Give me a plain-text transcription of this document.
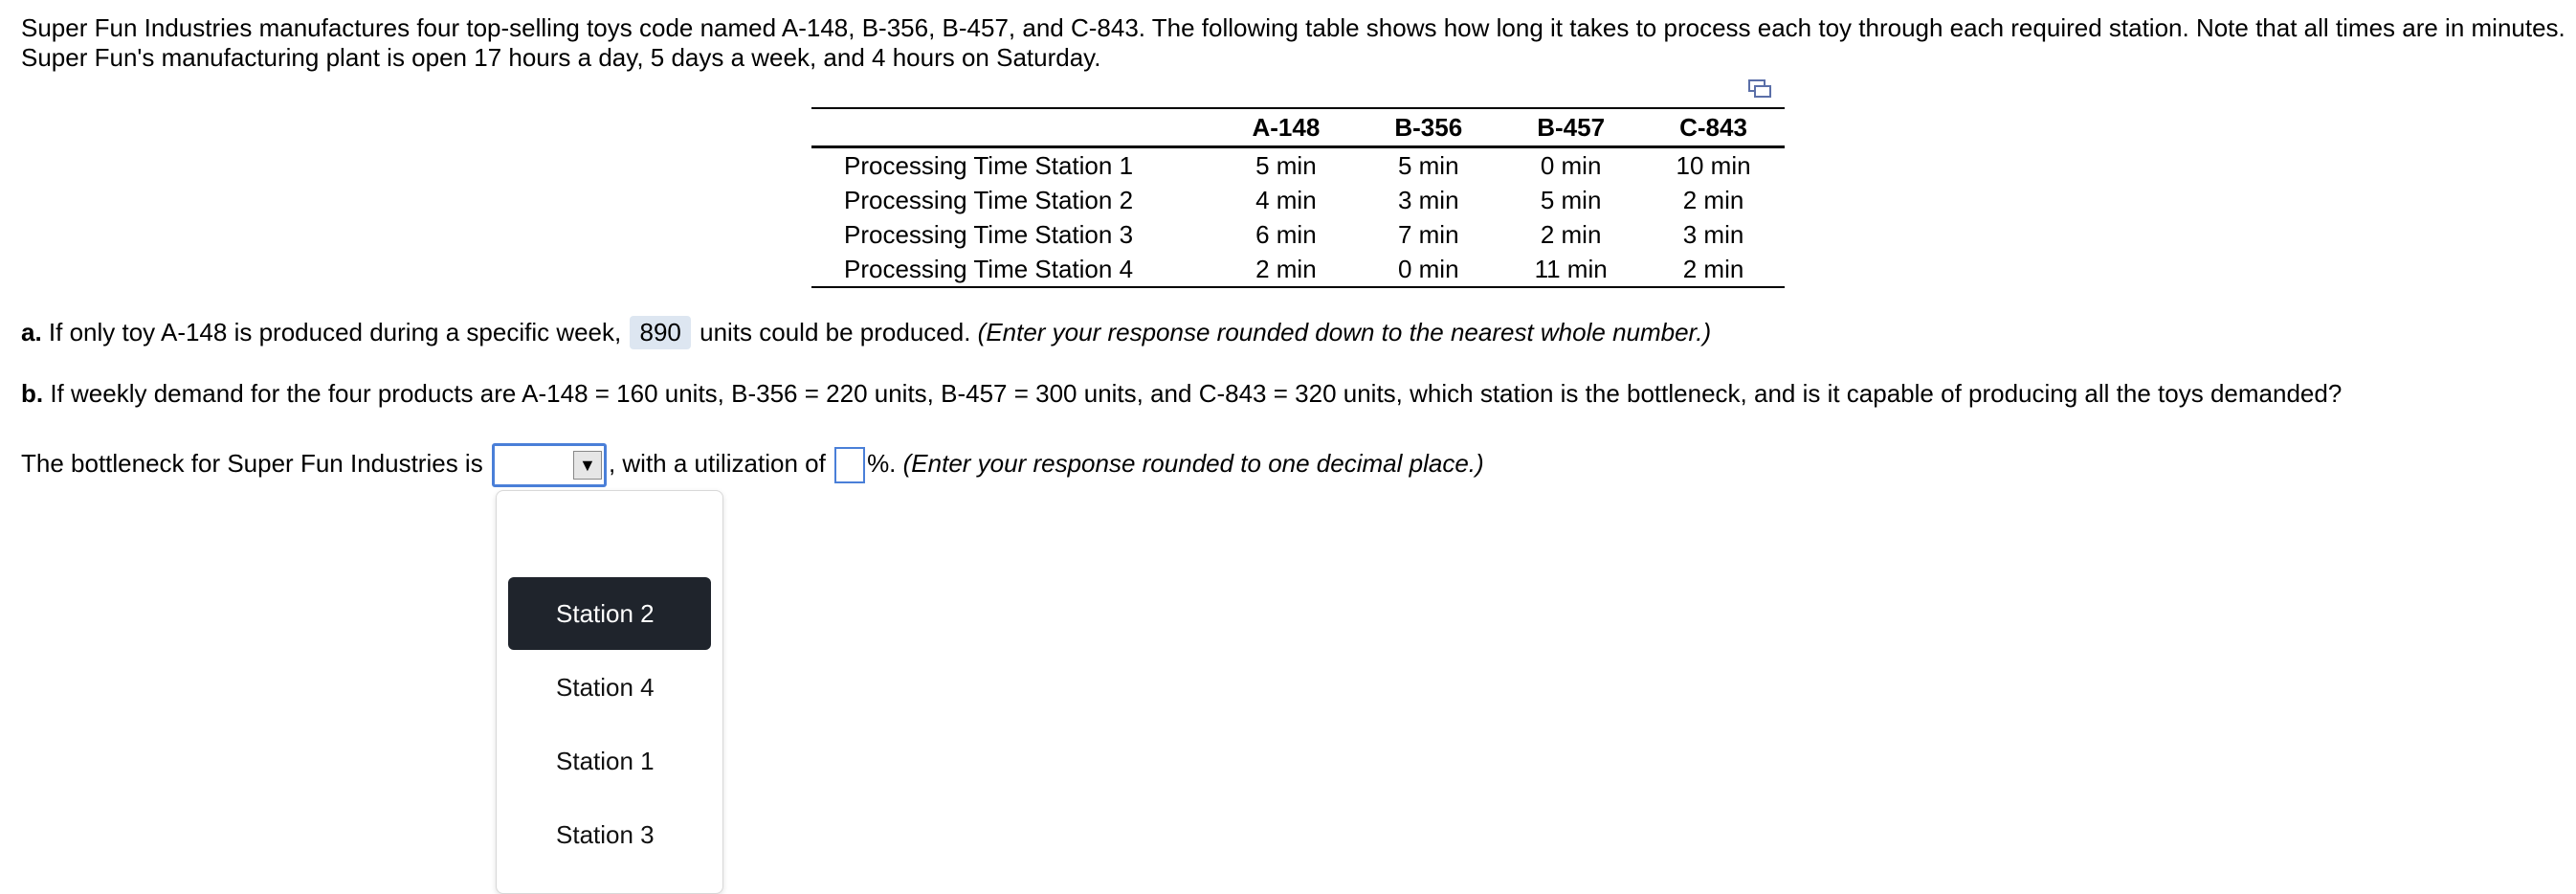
Super Fun Industries manufactures four top-selling toys code named A-148, B-356, B-457, and C-843. The following table shows how long it takes to process each toy through each required station. Note that all times are in minutes.

Super Fun's manufacturing plant is open 17 hours a day, 5 days a week, and 4 hours on Saturday.

	A-148	B-356	B-457	C-843
Processing Time Station 1	5 min	5 min	0 min	10 min
Processing Time Station 2	4 min	3 min	5 min	2 min
Processing Time Station 3	6 min	7 min	2 min	3 min
Processing Time Station 4	2 min	0 min	11 min	2 min
a. If only toy A-148 is produced during a specific week, 890 units could be produced. (Enter your response rounded down to the nearest whole number.)
b. If weekly demand for the four products are A-148 = 160 units, B-356 = 220 units, B-457 = 300 units, and C-843 = 320 units, which station is the bottleneck, and is it capable of producing all the toys demanded?
The bottleneck for Super Fun Industries is	▼ , with a utilization of %. (Enter your response rounded to one decimal place.)
Station 2
Station 4
Station 1
Station 3
